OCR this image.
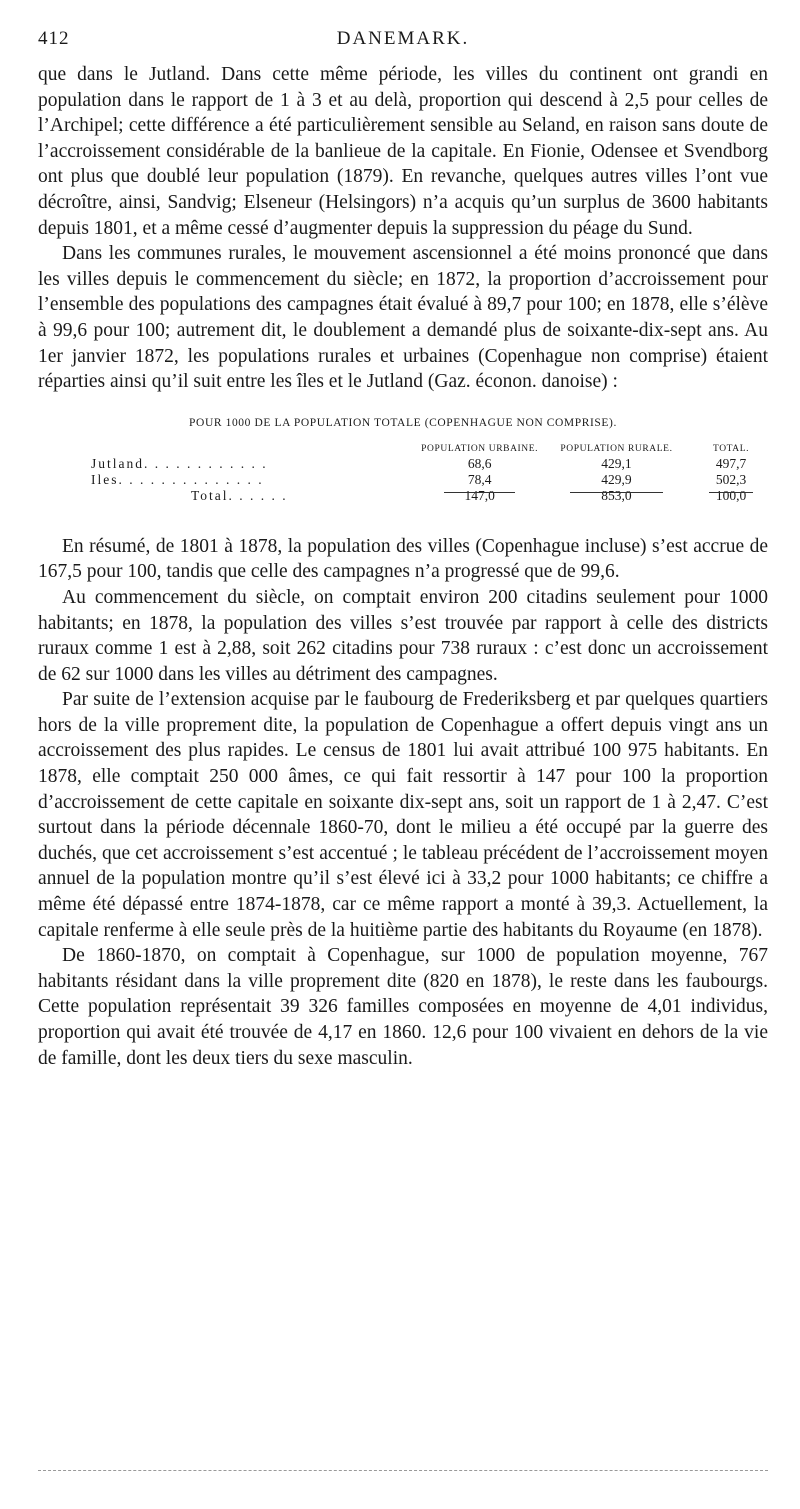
412	DANEMARK.

que dans le Jutland. Dans cette même période, les villes du continent ont grandi en population dans le rapport de 1 à 3 et au delà, proportion qui descend à 2,5 pour celles de l’Archipel; cette différence a été particulièrement sensible au Seland, en raison sans doute de l’accroissement considérable de la banlieue de la capitale. En Fionie, Odensee et Svendborg ont plus que doublé leur population (1879). En revanche, quelques autres villes l’ont vue décroître, ainsi, Sandvig; Elseneur (Helsingors) n’a acquis qu’un surplus de 3600 habitants depuis 1801, et a même cessé d’augmenter depuis la suppression du péage du Sund.

Dans les communes rurales, le mouvement ascensionnel a été moins prononcé que dans les villes depuis le commencement du siècle; en 1872, la proportion d’accroissement pour l’ensemble des populations des campagnes était évalué à 89,7 pour 100; en 1878, elle s’élève à 99,6 pour 100; autrement dit, le doublement a demandé plus de soixante-dix-sept ans. Au 1er janvier 1872, les populations rurales et urbaines (Copenhague non comprise) étaient réparties ainsi qu’il suit entre les îles et le Jutland (Gaz. éconon. danoise) :

POUR 1000 DE LA POPULATION TOTALE (COPENHAGUE NON COMPRISE).
	POPULATION URBAINE.	POPULATION RURALE.	TOTAL.
Jutland. . . . . . . . . . . .	68,6	429,1	497,7
Iles. . . . . . . . . . . . . .	78,4	429,9	502,3
Total. . . . . .	147,0	853,0	100,0

En résumé, de 1801 à 1878, la population des villes (Copenhague incluse) s’est accrue de 167,5 pour 100, tandis que celle des campagnes n’a progressé que de 99,6.

Au commencement du siècle, on comptait environ 200 citadins seulement pour 1000 habitants; en 1878, la population des villes s’est trouvée par rapport à celle des districts ruraux comme 1 est à 2,88, soit 262 citadins pour 738 ruraux : c’est donc un accroissement de 62 sur 1000 dans les villes au détriment des campagnes.

Par suite de l’extension acquise par le faubourg de Frederiksberg et par quelques quartiers hors de la ville proprement dite, la population de Copenhague a offert depuis vingt ans un accroissement des plus rapides. Le census de 1801 lui avait attribué 100 975 habitants. En 1878, elle comptait 250 000 âmes, ce qui fait ressortir à 147 pour 100 la proportion d’accroissement de cette capitale en soixante dix-sept ans, soit un rapport de 1 à 2,47. C’est surtout dans la période décennale 1860-70, dont le milieu a été occupé par la guerre des duchés, que cet accroissement s’est accentué ; le tableau précédent de l’accroissement moyen annuel de la population montre qu’il s’est élevé ici à 33,2 pour 1000 habitants; ce chiffre a même été dépassé entre 1874-1878, car ce même rapport a monté à 39,3. Actuellement, la capitale renferme à elle seule près de la huitième partie des habitants du Royaume (en 1878).

De 1860-1870, on comptait à Copenhague, sur 1000 de population moyenne, 767 habitants résidant dans la ville proprement dite (820 en 1878), le reste dans les faubourgs. Cette population représentait 39 326 familles composées en moyenne de 4,01 individus, proportion qui avait été trouvée de 4,17 en 1860. 12,6 pour 100 vivaient en dehors de la vie de famille, dont les deux tiers du sexe masculin.
